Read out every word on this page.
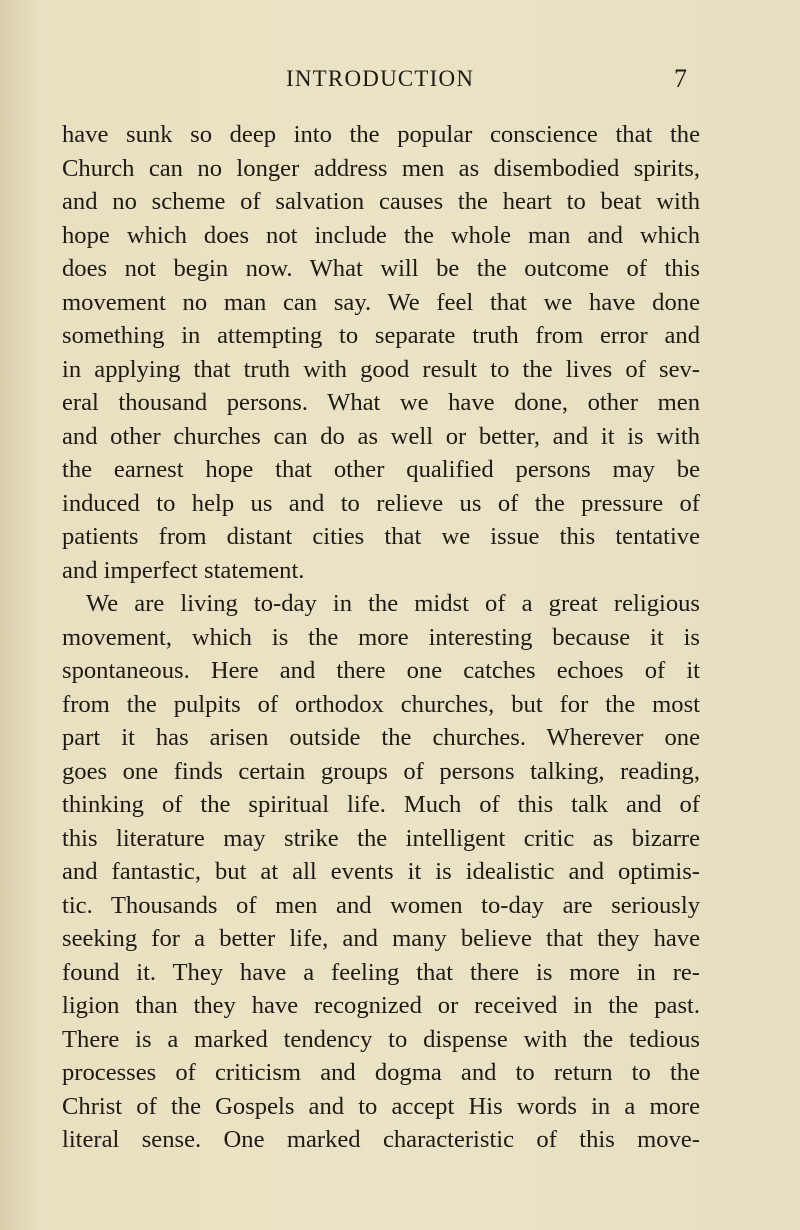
INTRODUCTION	7
have sunk so deep into the popular conscience that the
Church can no longer address men as disembodied spirits,
and no scheme of salvation causes the heart to beat with
hope which does not include the whole man and which
does not begin now. What will be the outcome of this
movement no man can say. We feel that we have done
something in attempting to separate truth from error and
in applying that truth with good result to the lives of sev-
eral thousand persons. What we have done, other men
and other churches can do as well or better, and it is with
the earnest hope that other qualified persons may be
induced to help us and to relieve us of the pressure of
patients from distant cities that we issue this tentative
and imperfect statement.
We are living to-day in the midst of a great religious
movement, which is the more interesting because it is
spontaneous. Here and there one catches echoes of it
from the pulpits of orthodox churches, but for the most
part it has arisen outside the churches. Wherever one
goes one finds certain groups of persons talking, reading,
thinking of the spiritual life. Much of this talk and of
this literature may strike the intelligent critic as bizarre
and fantastic, but at all events it is idealistic and optimis-
tic. Thousands of men and women to-day are seriously
seeking for a better life, and many believe that they have
found it. They have a feeling that there is more in re-
ligion than they have recognized or received in the past.
There is a marked tendency to dispense with the tedious
processes of criticism and dogma and to return to the
Christ of the Gospels and to accept His words in a more
literal sense. One marked characteristic of this move-
